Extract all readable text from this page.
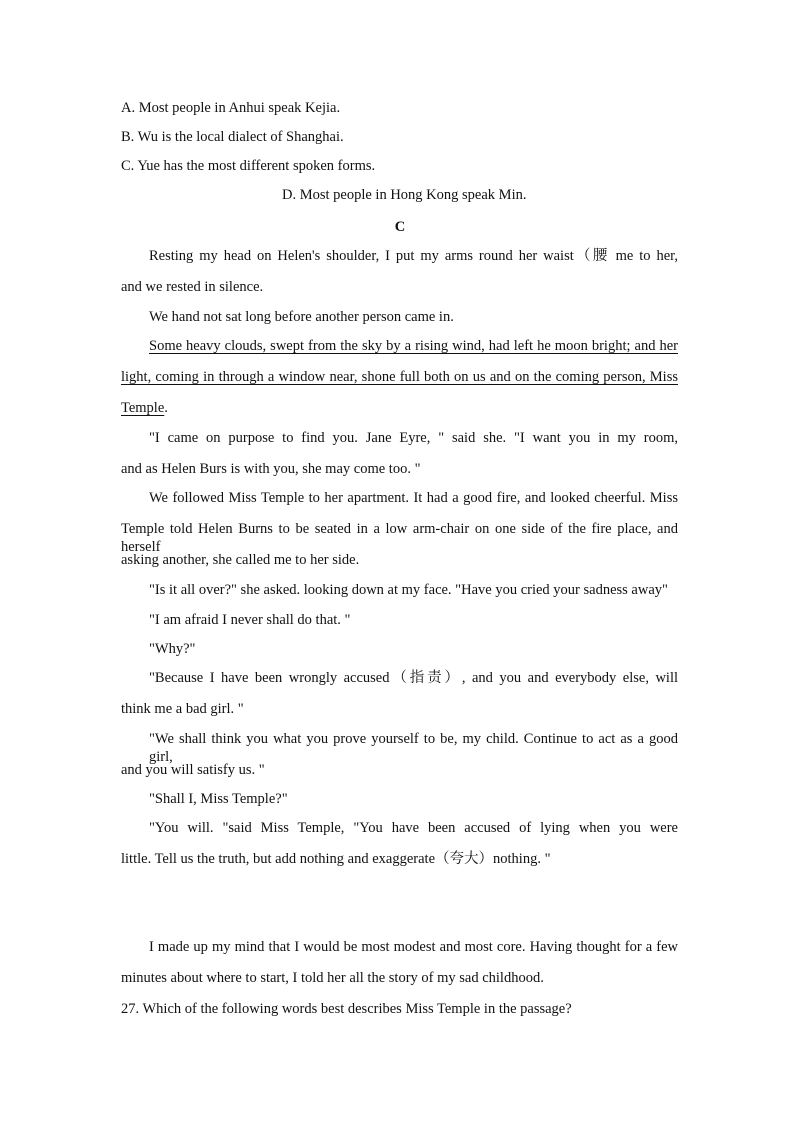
A. Most people in Anhui speak Kejia.
B. Wu is the local dialect of Shanghai.
C. Yue has the most different spoken forms.
D. Most people in Hong Kong speak Min.
C
Resting my head on Helen's shoulder, I put my arms round her waist（腰 me to her,
and we rested in silence.
We hand not sat long before another person came in.
Some heavy clouds, swept from the sky by a rising wind, had left he moon bright; and her
light, coming in through a window near, shone full both on us and on the coming person, Miss
Temple.
"I came on purpose to find you. Jane Eyre, " said she. "I want you in my room,
and as Helen Burs is with you, she may come too. "
We followed Miss Temple to her apartment. It had a good fire, and looked cheerful. Miss
Temple told Helen Burns to be seated in a low arm-chair on one side of the fire place, and herself
asking another, she called me to her side.
"Is it all over?" she asked. looking down at my face. "Have you cried your sadness away"
"I am afraid I never shall do that. "
"Why?"
"Because I have been wrongly accused（指责）, and you and everybody else, will
think me a bad girl. "
"We shall think you what you prove yourself to be, my child. Continue to act as a good girl,
and you will satisfy us. "
"Shall I, Miss Temple?"
"You will. "said Miss Temple, "You have been accused of lying when you were
little. Tell us the truth, but add nothing and exaggerate（夸大）nothing. "
I made up my mind that I would be most modest and most core. Having thought for a few
minutes about where to start, I told her all the story of my sad childhood.
27. Which of the following words best describes Miss Temple in the passage?
